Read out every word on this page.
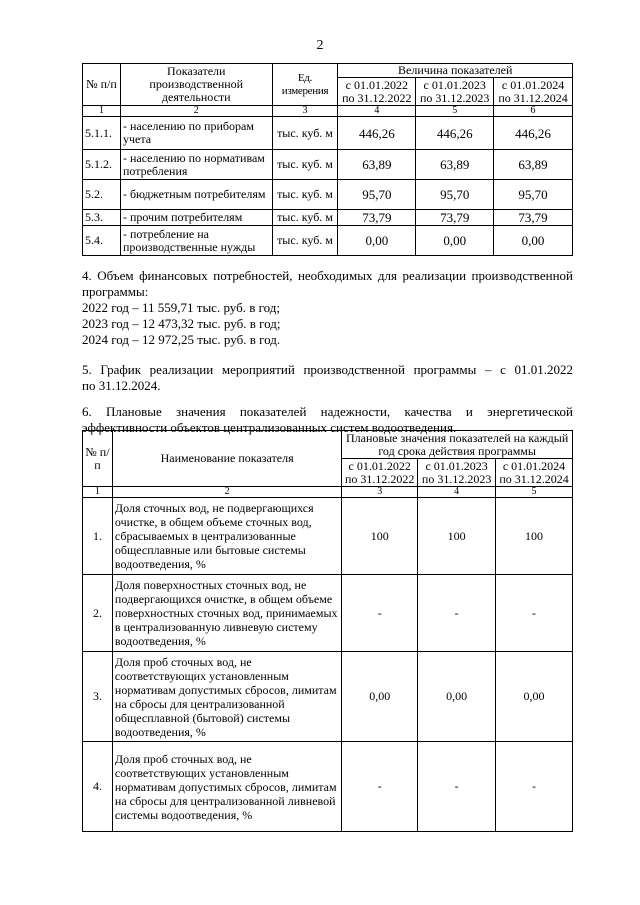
2
№ п/п	Показатели производственной деятельности	Ед. измерения	Величина показателей		
			с 01.01.2022 по 31.12.2022	с 01.01.2023 по 31.12.2023	с 01.01.2024 по 31.12.2024
1	2	3	4	5	6
5.1.1.	- населению по приборам учета	тыс. куб. м	446,26	446,26	446,26
5.1.2.	- населению по нормативам потребления	тыс. куб. м	63,89	63,89	63,89
5.2.	- бюджетным потребителям	тыс. куб. м	95,70	95,70	95,70
5.3.	- прочим потребителям	тыс. куб. м	73,79	73,79	73,79
5.4.	- потребление на производственные нужды	тыс. куб. м	0,00	0,00	0,00
4. Объем финансовых потребностей, необходимых для реализации производственной
программы:
2022 год – 11 559,71 тыс. руб. в год;
2023 год – 12 473,32 тыс. руб. в год;
2024 год – 12 972,25 тыс. руб. в год.
5. График реализации мероприятий производственной программы – с 01.01.2022
по 31.12.2024.
6. Плановые значения показателей надежности, качества и энергетической
эффективности объектов централизованных систем водоотведения.
№ п/п	Наименование показателя	Плановые значения показателей на каждый год срока действия программы		
		с 01.01.2022 по 31.12.2022	с 01.01.2023 по 31.12.2023	с 01.01.2024 по 31.12.2024
1	2	3	4	5
1.	Доля сточных вод, не подвергающихся очистке, в общем объеме сточных вод, сбрасываемых в централизованные общесплавные или бытовые системы водоотведения, %	100	100	100
2.	Доля поверхностных сточных вод, не подвергающихся очистке, в общем объеме поверхностных сточных вод, принимаемых в централизованную ливневую систему водоотведения, %	-	-	-
3.	Доля проб сточных вод, не соответствующих установленным нормативам допустимых сбросов, лимитам на сбросы для централизованной общесплавной (бытовой) системы водоотведения, %	0,00	0,00	0,00
4.	Доля проб сточных вод, не соответствующих установленным нормативам допустимых сбросов, лимитам на сбросы для централизованной ливневой системы водоотведения, %	-	-	-
